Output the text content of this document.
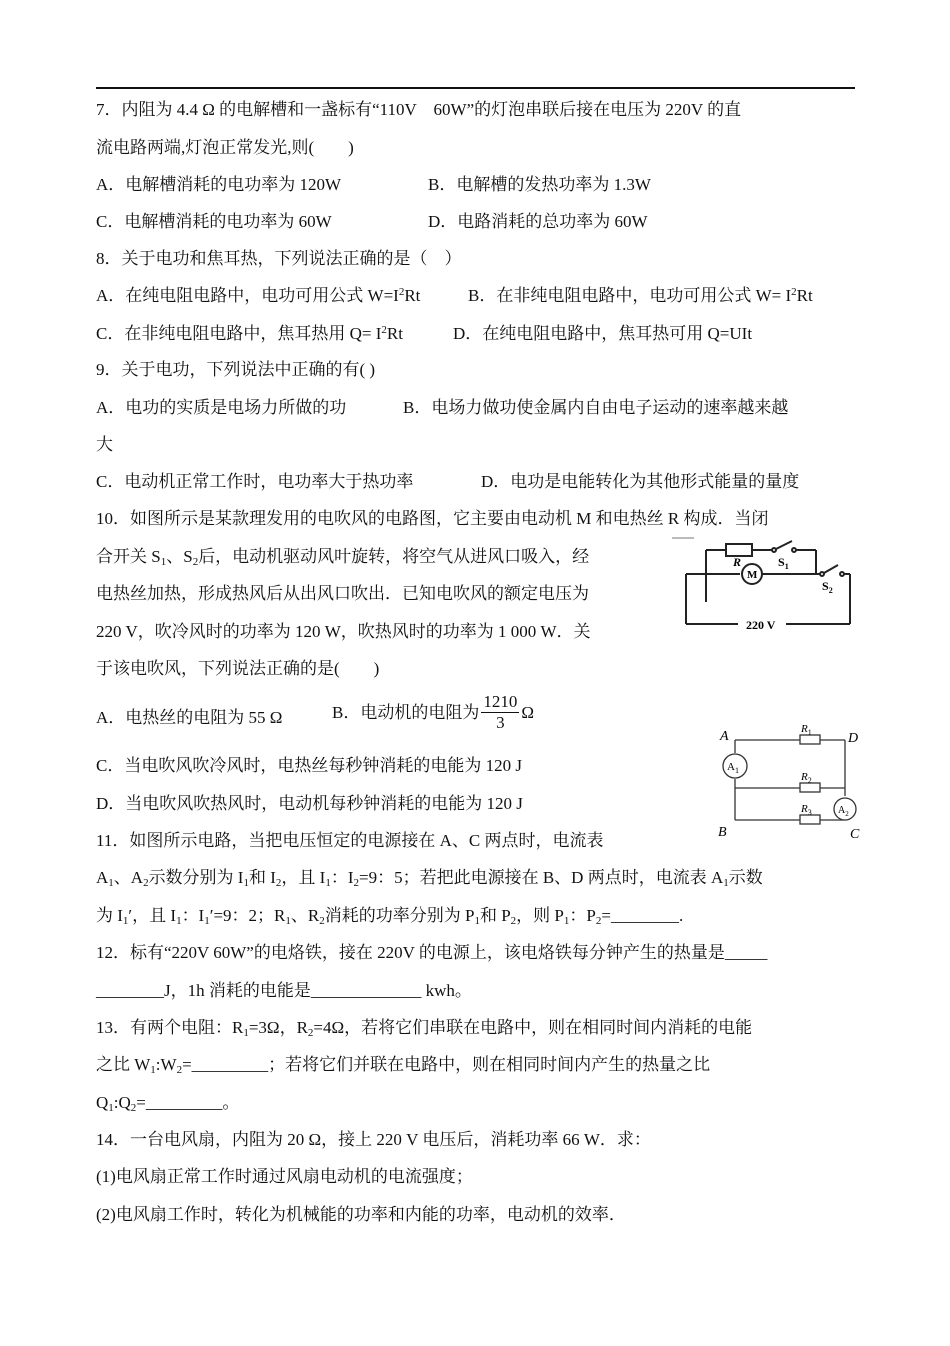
7．内阻为 4.4 Ω 的电解槽和一盏标有“110V    60W”的灯泡串联后接在电压为 220V 的直
流电路两端,灯泡正常发光,则(        )
A．电解槽消耗的电功率为 120W	B．电解槽的发热功率为 1.3W
C．电解槽消耗的电功率为 60W	D．电路消耗的总功率为 60W
8．关于电功和焦耳热，下列说法正确的是（    ）
A．在纯电阻电路中，电功可用公式 $W=I^2Rt$	B．在非纯电阻电路中，电功可用公式 $W= I^2Rt$
C．在非纯电阻电路中，焦耳热用 $Q= I^2Rt$	D．在纯电阻电路中，焦耳热可用 Q=UIt
9．关于电功，下列说法中正确的有( )
A．电功的实质是电场力所做的功	B．电场力做功使金属内自由电子运动的速率越来越
大
C．电动机正常工作时，电功率大于热功率	D．电功是电能转化为其他形式能量的量度
10．如图所示是某款理发用的电吹风的电路图，它主要由电动机 M 和电热丝 R 构成．当闭
合开关 $S_1$、$S_2$后，电动机驱动风叶旋转，将空气从进风口吸入，经
电热丝加热，形成热风后从出风口吹出．已知电吹风的额定电压为
220 V，吹冷风时的功率为 120 W，吹热风时的功率为 1 000 W．关
于该电吹风，下列说法正确的是(        )
R	$S_1$
$S_2$
M
220 V
A．电热丝的电阻为 55 Ω	B．电动机的电阻为 $\frac{1210}{3}$ Ω
C．当电吹风吹冷风时，电热丝每秒钟消耗的电能为 120 J
D．当电吹风吹热风时，电动机每秒钟消耗的电能为 120 J
A	D
B	C
$R_1$
$R_2$
$R_3$
$A_1$
$A_2$
11．如图所示电路，当把电压恒定的电源接在 A、C 两点时，电流表
$A_1$、$A_2$示数分别为 $I_1$和 $I_2$，且 $I_1$：$I_2=9$：5；若把此电源接在 B、D 两点时，电流表 $A_1$示数
为 $I_1'$，且 $I_1$：$I_1'=9$：2；$R_1$、$R_2$消耗的功率分别为 $P_1$和 $P_2$，则 $P_1$：$P_2=\_\_\_\_\_\_\_\_$.
12．标有“220V 60W”的电烙铁，接在 220V 的电源上，该电烙铁每分钟产生的热量是_____
________J，1h 消耗的电能是_____________ kwh。
13．有两个电阻：$R_1=3\Omega$，$R_2=4\Omega$，若将它们串联在电路中，则在相同时间内消耗的电能
之比 $W_1:W_2=\_\_\_\_\_\_\_\_\_$；若将它们并联在电路中，则在相同时间内产生的热量之比
$Q_1:Q_2=\_\_\_\_\_\_\_\_\_$。
14．一台电风扇，内阻为 20 Ω，接上 220 V 电压后，消耗功率 66 W．求：
(1)电风扇正常工作时通过风扇电动机的电流强度；
(2)电风扇工作时，转化为机械能的功率和内能的功率，电动机的效率．
